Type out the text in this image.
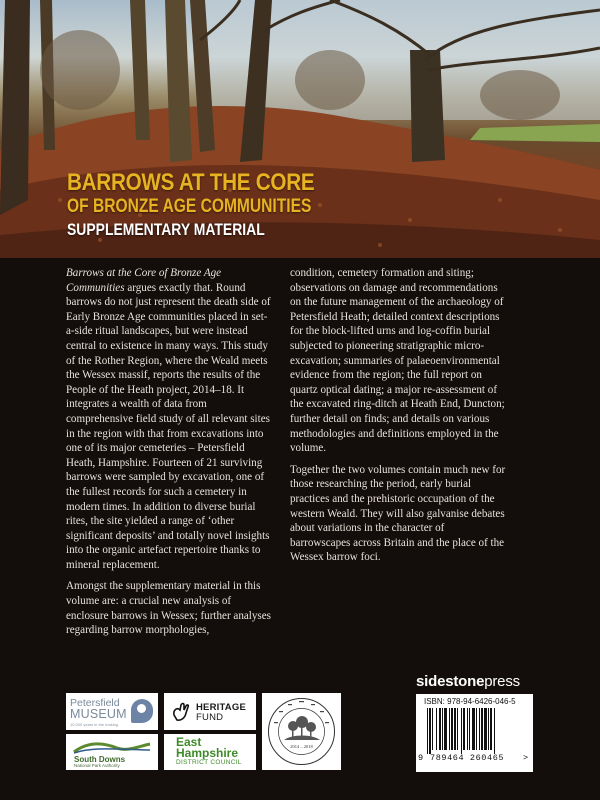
BARROWS AT THE CORE
OF BRONZE AGE COMMUNITIES
SUPPLEMENTARY MATERIAL

Barrows at the Core of Bronze Age Communities argues exactly that. Round barrows do not just represent the death side of Early Bronze Age communities placed in set-a-side ritual landscapes, but were instead central to existence in many ways. This study of the Rother Region, where the Weald meets the Wessex massif, reports the results of the People of the Heath project, 2014–18. It integrates a wealth of data from comprehensive field study of all relevant sites in the region with that from excavations into one of its major cemeteries – Petersfield Heath, Hampshire. Fourteen of 21 surviving barrows were sampled by excavation, one of the fullest records for such a cemetery in modern times. In addition to diverse burial rites, the site yielded a range of ‘other significant deposits’ and totally novel insights into the organic artefact repertoire thanks to mineral replacement.

Amongst the supplementary material in this volume are: a crucial new analysis of enclosure barrows in Wessex; further analyses regarding barrow morphologies,

condition, cemetery formation and siting; observations on damage and recommendations on the future management of the archaeology of Petersfield Heath; detailed context descriptions for the block-lifted urns and log-coffin burial subjected to pioneering stratigraphic micro-excavation; summaries of palaeoenvironmental evidence from the region; the full report on quartz optical dating; a major re-assessment of the excavated ring-ditch at Heath End, Duncton; further detail on finds; and details on various methodologies and definitions employed in the volume.

Together the two volumes contain much new for those researching the period, early burial practices and the prehistoric occupation of the western Weald. They will also galvanise debates about variations in the character of barrowscapes across Britain and the place of the Wessex barrow foci.

Petersfield
MUSEUM
10,000 years in the making
HERITAGE
FUND
South Downs
National Park Authority
East
Hampshire
DISTRICT COUNCIL
2014 – 2018
sidestonepress
ISBN: 978-94-6426-046-5
9 789464 260465 >
